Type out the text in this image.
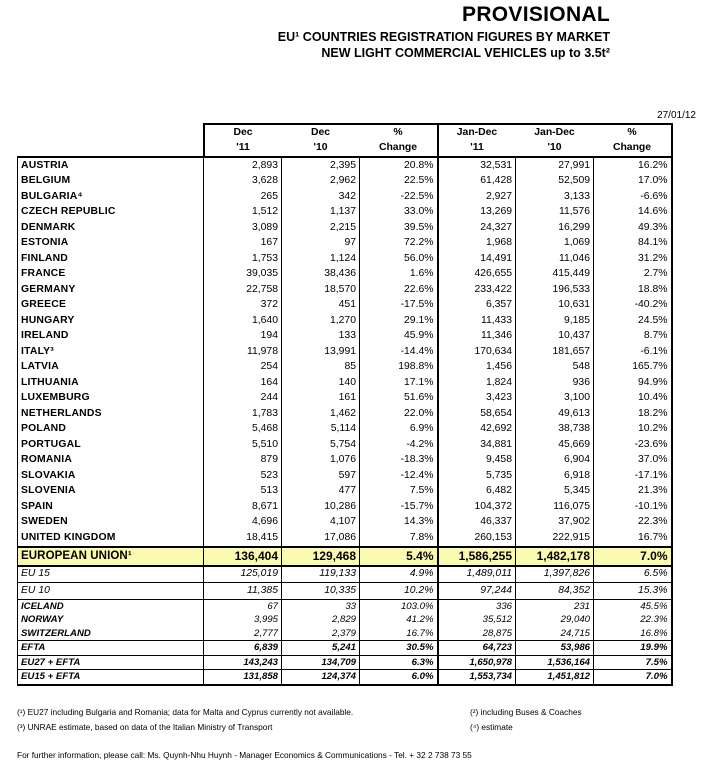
PROVISIONAL
EU¹ COUNTRIES REGISTRATION FIGURES BY MARKET
NEW LIGHT COMMERCIAL VEHICLES up to 3.5t²
27/01/12
	Dec	Dec	%	Jan-Dec	Jan-Dec	%
	'11	'10	Change	'11	'10	Change
AUSTRIA	2,893	2,395	20.8%	32,531	27,991	16.2%
BELGIUM	3,628	2,962	22.5%	61,428	52,509	17.0%
BULGARIA⁴	265	342	-22.5%	2,927	3,133	-6.6%
CZECH REPUBLIC	1,512	1,137	33.0%	13,269	11,576	14.6%
DENMARK	3,089	2,215	39.5%	24,327	16,299	49.3%
ESTONIA	167	97	72.2%	1,968	1,069	84.1%
FINLAND	1,753	1,124	56.0%	14,491	11,046	31.2%
FRANCE	39,035	38,436	1.6%	426,655	415,449	2.7%
GERMANY	22,758	18,570	22.6%	233,422	196,533	18.8%
GREECE	372	451	-17.5%	6,357	10,631	-40.2%
HUNGARY	1,640	1,270	29.1%	11,433	9,185	24.5%
IRELAND	194	133	45.9%	11,346	10,437	8.7%
ITALY³	11,978	13,991	-14.4%	170,634	181,657	-6.1%
LATVIA	254	85	198.8%	1,456	548	165.7%
LITHUANIA	164	140	17.1%	1,824	936	94.9%
LUXEMBURG	244	161	51.6%	3,423	3,100	10.4%
NETHERLANDS	1,783	1,462	22.0%	58,654	49,613	18.2%
POLAND	5,468	5,114	6.9%	42,692	38,738	10.2%
PORTUGAL	5,510	5,754	-4.2%	34,881	45,669	-23.6%
ROMANIA	879	1,076	-18.3%	9,458	6,904	37.0%
SLOVAKIA	523	597	-12.4%	5,735	6,918	-17.1%
SLOVENIA	513	477	7.5%	6,482	5,345	21.3%
SPAIN	8,671	10,286	-15.7%	104,372	116,075	-10.1%
SWEDEN	4,696	4,107	14.3%	46,337	37,902	22.3%
UNITED KINGDOM	18,415	17,086	7.8%	260,153	222,915	16.7%
EUROPEAN UNION¹	136,404	129,468	5.4%	1,586,255	1,482,178	7.0%
EU 15	125,019	119,133	4.9%	1,489,011	1,397,826	6.5%
EU 10	11,385	10,335	10.2%	97,244	84,352	15.3%
ICELAND	67	33	103.0%	336	231	45.5%
NORWAY	3,995	2,829	41.2%	35,512	29,040	22.3%
SWITZERLAND	2,777	2,379	16.7%	28,875	24,715	16.8%
EFTA	6,839	5,241	30.5%	64,723	53,986	19.9%
EU27 + EFTA	143,243	134,709	6.3%	1,650,978	1,536,164	7.5%
EU15 + EFTA	131,858	124,374	6.0%	1,553,734	1,451,812	7.0%
(¹) EU27 including Bulgaria and Romania; data for Malta and Cyprus currently not available.	(²) including Buses & Coaches
(³) UNRAE estimate, based on data of the Italian Ministry of Transport	(⁴) estimate
For further information, please call: Ms. Quynh-Nhu Huynh - Manager Economics & Communications - Tel. + 32 2 738 73 55
